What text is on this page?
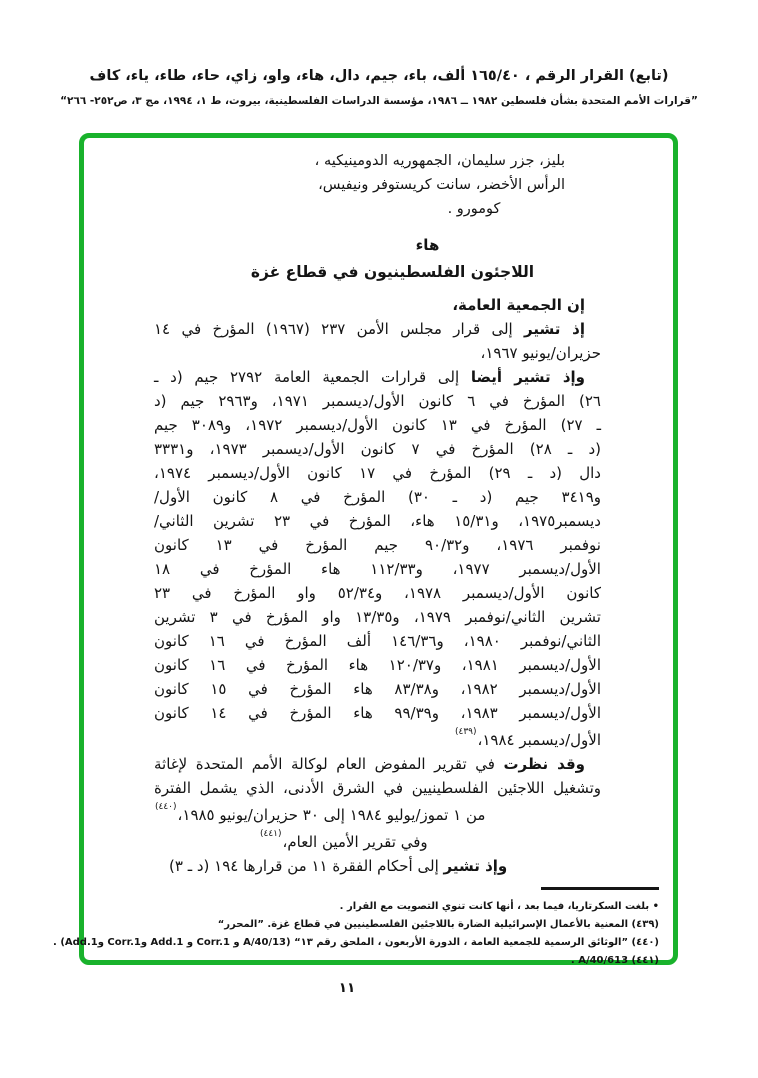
(تابع) القرار الرقم ، ١٦٥/٤٠ ألف، باء، جيم، دال، هاء، واو، زاي، حاء، طاء، ياء، كاف
”قرارات الأمم المتحدة بشأن فلسطين ١٩٨٢ ــ ١٩٨٦، مؤسسة الدراسات الفلسطينية، بيروت، ط ١، ١٩٩٤، مج ٣، ص٢٥٢- ٢٦٦“
بليز، جزر سليمان، الجمهوريه الدومينيكيه ،
الرأس الأخضر، سانت كريستوفر ونيفيس،
كومورو .
هاء
اللاجئون الفلسطينيون في قطاع غزة
إن الجمعية العامة،
إذ تشير إلى قرار مجلس الأمن ٢٣٧ (١٩٦٧) المؤرخ في ١٤
حزيران/يونيو ١٩٦٧،
وإذ تشير أيضا إلى قرارات الجمعية العامة ٢٧٩٢ جيم (د ـ
٢٦) المؤرخ في ٦ كانون الأول/ديسمبر ١٩٧١، و٢٩٦٣ جيم (د
ـ ٢٧) المؤرخ في ١٣ كانون الأول/ديسمبر ١٩٧٢، و٣٠٨٩ جيم
(د ـ ٢٨) المؤرخ في ٧ كانون الأول/ديسمبر ١٩٧٣، و٣٣٣١
دال (د ـ ٢٩) المؤرخ في ١٧ كانون الأول/ديسمبر ١٩٧٤،
و٣٤١٩ جيم (د ـ ٣٠) المؤرخ في ٨ كانون الأول/
ديسمبر١٩٧٥، و١٥/٣١ هاء، المؤرخ في ٢٣ تشرين الثاني/
نوفمبر ١٩٧٦، و٩٠/٣٢ جيم المؤرخ في ١٣ كانون
الأول/ديسمبر ١٩٧٧، و١١٢/٣٣ هاء المؤرخ في ١٨
كانون الأول/ديسمبر ١٩٧٨، و٥٢/٣٤ واو المؤرخ في ٢٣
تشرين الثاني/نوفمبر ١٩٧٩، و١٣/٣٥ واو المؤرخ في ٣ تشرين
الثاني/نوفمبر ١٩٨٠، و١٤٦/٣٦ ألف المؤرخ في ١٦ كانون
الأول/ديسمبر ١٩٨١، و١٢٠/٣٧ هاء المؤرخ في ١٦ كانون
الأول/ديسمبر ١٩٨٢، و٨٣/٣٨ هاء المؤرخ في ١٥ كانون
الأول/ديسمبر ١٩٨٣، و٩٩/٣٩ هاء المؤرخ في ١٤ كانون
الأول/ديسمبر ١٩٨٤،$^{(٤٣٩)}$
وقد نظرت في تقرير المفوض العام لوكالة الأمم المتحدة لإغاثة
وتشغيل اللاجئين الفلسطينيين في الشرق الأدنى، الذي يشمل الفترة
من ١ تموز/يوليو ١٩٨٤ إلى ٣٠ حزيران/يونيو ١٩٨٥،$^{(٤٤٠)}$
وفي تقرير الأمين العام،$^{(٤٤١)}$
وإذ تشير إلى أحكام الفقرة ١١ من قرارها ١٩٤ (د ـ ٣)
• بلغت السكرتاريا، فيما بعد ، أنها كانت تنوي التصويت مع القرار .
(٤٣٩) المعنية بالأعمال الإسرائيلية الضارة باللاجئين الفلسطينيين في قطاع غزة. ”المحرر“
(٤٤٠) ”الوثائق الرسمية للجمعية العامة ، الدورة الأربعون ، الملحق رقم ١٣“ (A/40/13 و Corr.1 و Add.1 وCorr.1 وAdd.1) .
(٤٤١) A/40/613 .
١١
